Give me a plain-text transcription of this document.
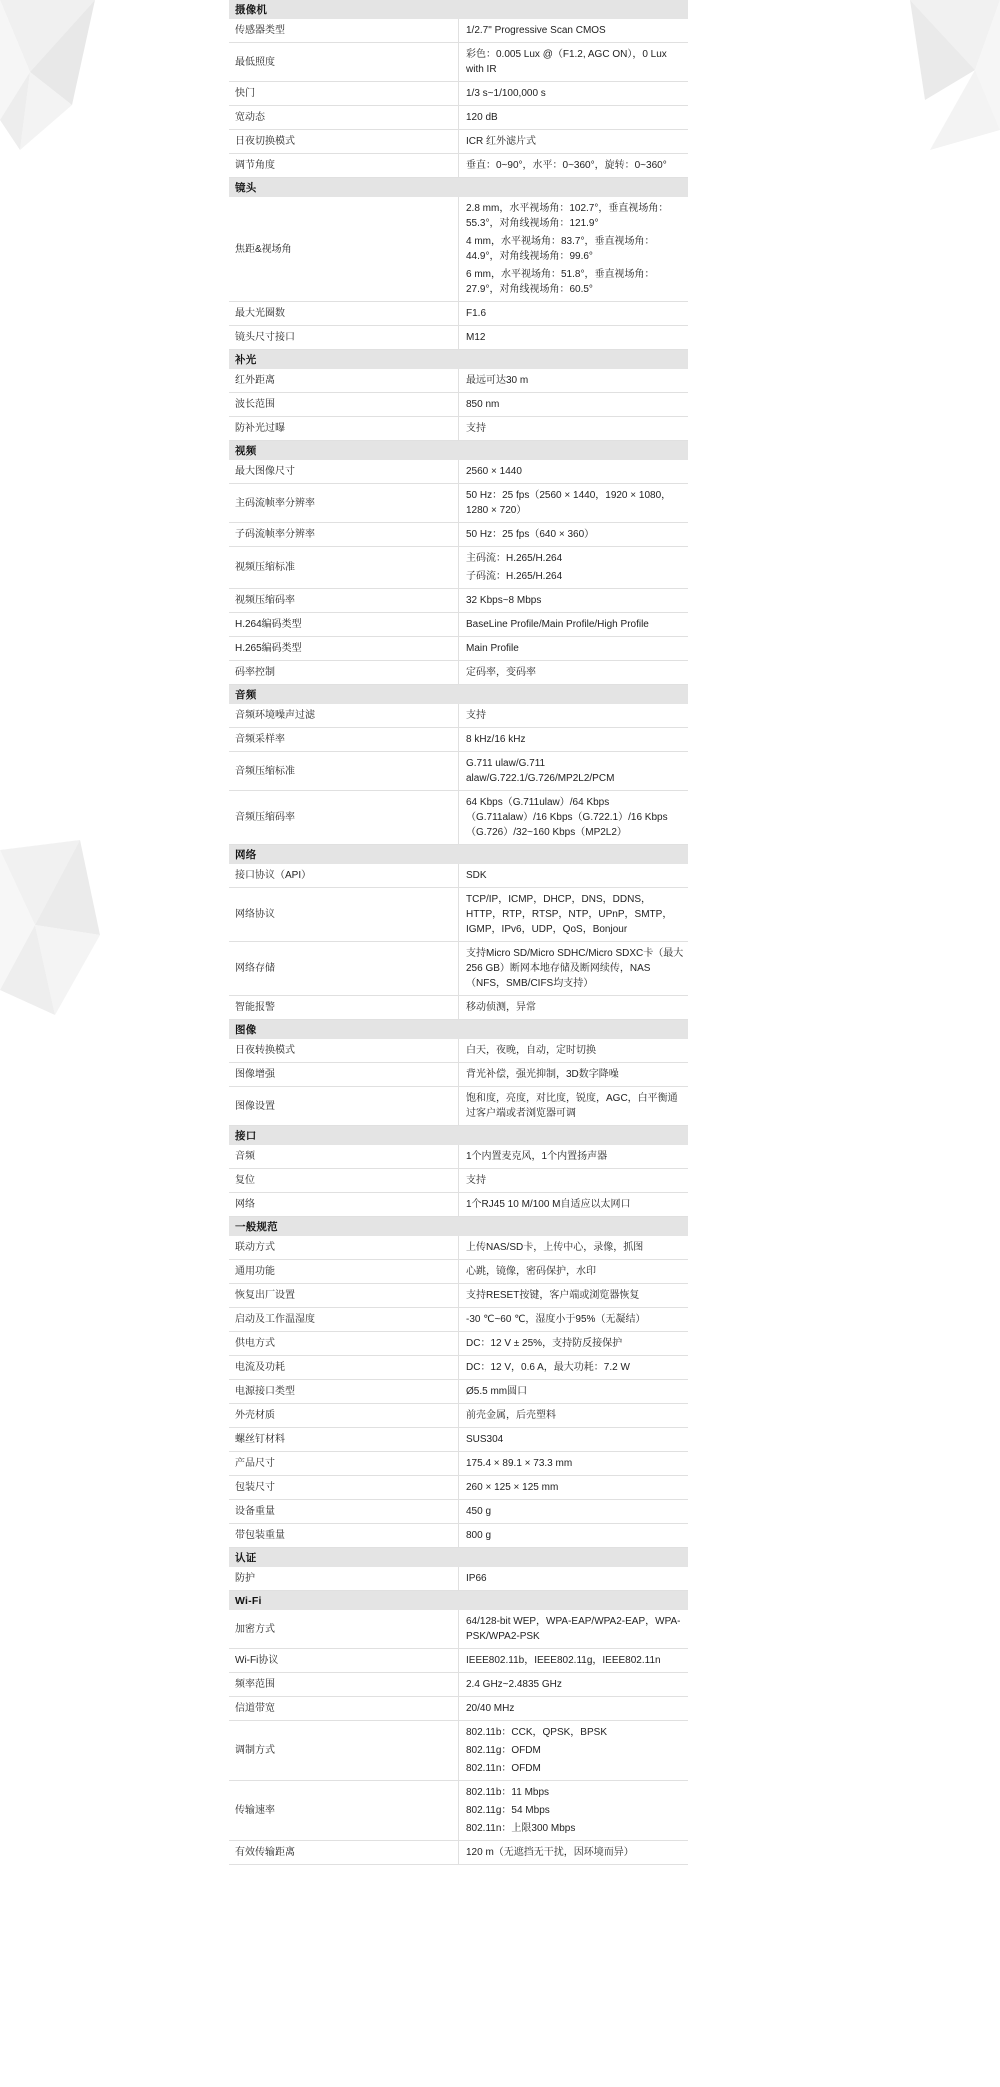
摄像机	
传感器类型	1/2.7" Progressive Scan CMOS
最低照度	彩色：0.005 Lux @（F1.2, AGC ON），0 Lux with IR
快门	1/3 s~1/100,000 s
宽动态	120 dB
日夜切换模式	ICR 红外滤片式
调节角度	垂直：0~90°，水平：0~360°，旋转：0~360°
镜头	
焦距&视场角	2.8 mm，水平视场角：102.7°，垂直视场角：55.3°，对角线视场角：121.9°
4 mm，水平视场角：83.7°，垂直视场角：44.9°，对角线视场角：99.6°
6 mm，水平视场角：51.8°，垂直视场角：27.9°，对角线视场角：60.5°

最大光圈数	F1.6
镜头尺寸接口	M12
补光	
红外距离	最远可达30 m
波长范围	850 nm
防补光过曝	支持
视频	
最大图像尺寸	2560 × 1440
主码流帧率分辨率	50 Hz：25 fps（2560 × 1440，1920 × 1080，1280 × 720）
子码流帧率分辨率	50 Hz：25 fps（640 × 360）
视频压缩标准	主码流：H.265/H.264
子码流：H.265/H.264

视频压缩码率	32 Kbps~8 Mbps
H.264编码类型	BaseLine Profile/Main Profile/High Profile
H.265编码类型	Main Profile
码率控制	定码率，变码率
音频	
音频环境噪声过滤	支持
音频采样率	8 kHz/16 kHz
音频压缩标准	G.711 ulaw/G.711 alaw/G.722.1/G.726/MP2L2/PCM
音频压缩码率	64 Kbps（G.711ulaw）/64 Kbps（G.711alaw）/16 Kbps（G.722.1）/16 Kbps（G.726）/32~160 Kbps（MP2L2）
网络	
接口协议（API）	SDK
网络协议	TCP/IP，ICMP，DHCP，DNS，DDNS，HTTP，RTP，RTSP，NTP，UPnP，SMTP，IGMP，IPv6，UDP，QoS，Bonjour
网络存储	支持Micro SD/Micro SDHC/Micro SDXC卡（最大256 GB）断网本地存储及断网续传，NAS（NFS，SMB/CIFS均支持）
智能报警	移动侦测，异常
图像	
日夜转换模式	白天，夜晚，自动，定时切换
图像增强	背光补偿，强光抑制，3D数字降噪
图像设置	饱和度，亮度，对比度，锐度，AGC，白平衡通过客户端或者浏览器可调
接口	
音频	1个内置麦克风，1个内置扬声器
复位	支持
网络	1个RJ45 10 M/100 M自适应以太网口
一般规范	
联动方式	上传NAS/SD卡，上传中心，录像，抓图
通用功能	心跳，镜像，密码保护，水印
恢复出厂设置	支持RESET按键，客户端或浏览器恢复
启动及工作温湿度	-30 ℃~60 ℃，湿度小于95%（无凝结）
供电方式	DC：12 V ± 25%，支持防反接保护
电流及功耗	DC：12 V，0.6 A，最大功耗：7.2 W
电源接口类型	Ø5.5 mm圆口
外壳材质	前壳金属，后壳塑料
螺丝钉材料	SUS304
产品尺寸	175.4 × 89.1 × 73.3 mm
包装尺寸	260 × 125 × 125 mm
设备重量	450 g
带包装重量	800 g
认证	
防护	IP66
Wi-Fi	
加密方式	64/128-bit WEP，WPA-EAP/WPA2-EAP，WPA-PSK/WPA2-PSK
Wi-Fi协议	IEEE802.11b，IEEE802.11g，IEEE802.11n
频率范围	2.4 GHz~2.4835 GHz
信道带宽	20/40 MHz
调制方式	802.11b：CCK，QPSK，BPSK
802.11g：OFDM
802.11n：OFDM

传输速率	802.11b：11 Mbps
802.11g：54 Mbps
802.11n：上限300 Mbps

有效传输距离	120 m（无遮挡无干扰，因环境而异）
